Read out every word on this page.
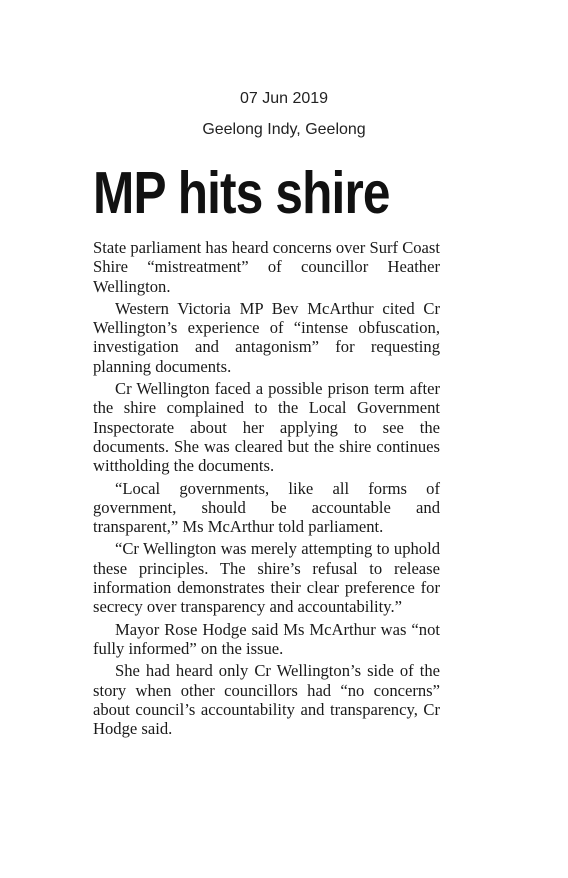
07 Jun 2019
Geelong Indy, Geelong
MP hits shire

State parliament has heard concerns over Surf Coast Shire “mistreatment” of councillor Heather Wellington.

Western Victoria MP Bev McArthur cited Cr Wellington’s experience of “intense obfuscation, investigation and antagonism” for requesting planning documents.

Cr Wellington faced a possible prison term after the shire complained to the Local Government Inspectorate about her applying to see the documents. She was cleared but the shire continues wittholding the documents.

“Local governments, like all forms of government, should be accountable and transparent,” Ms McArthur told parliament.

“Cr Wellington was merely attempting to uphold these principles. The shire’s refusal to release information demonstrates their clear preference for secrecy over transparency and accountability.”

Mayor Rose Hodge said Ms McArthur was “not fully informed” on the issue.

She had heard only Cr Wellington’s side of the story when other councillors had “no concerns” about council’s accountability and transparency, Cr Hodge said.
